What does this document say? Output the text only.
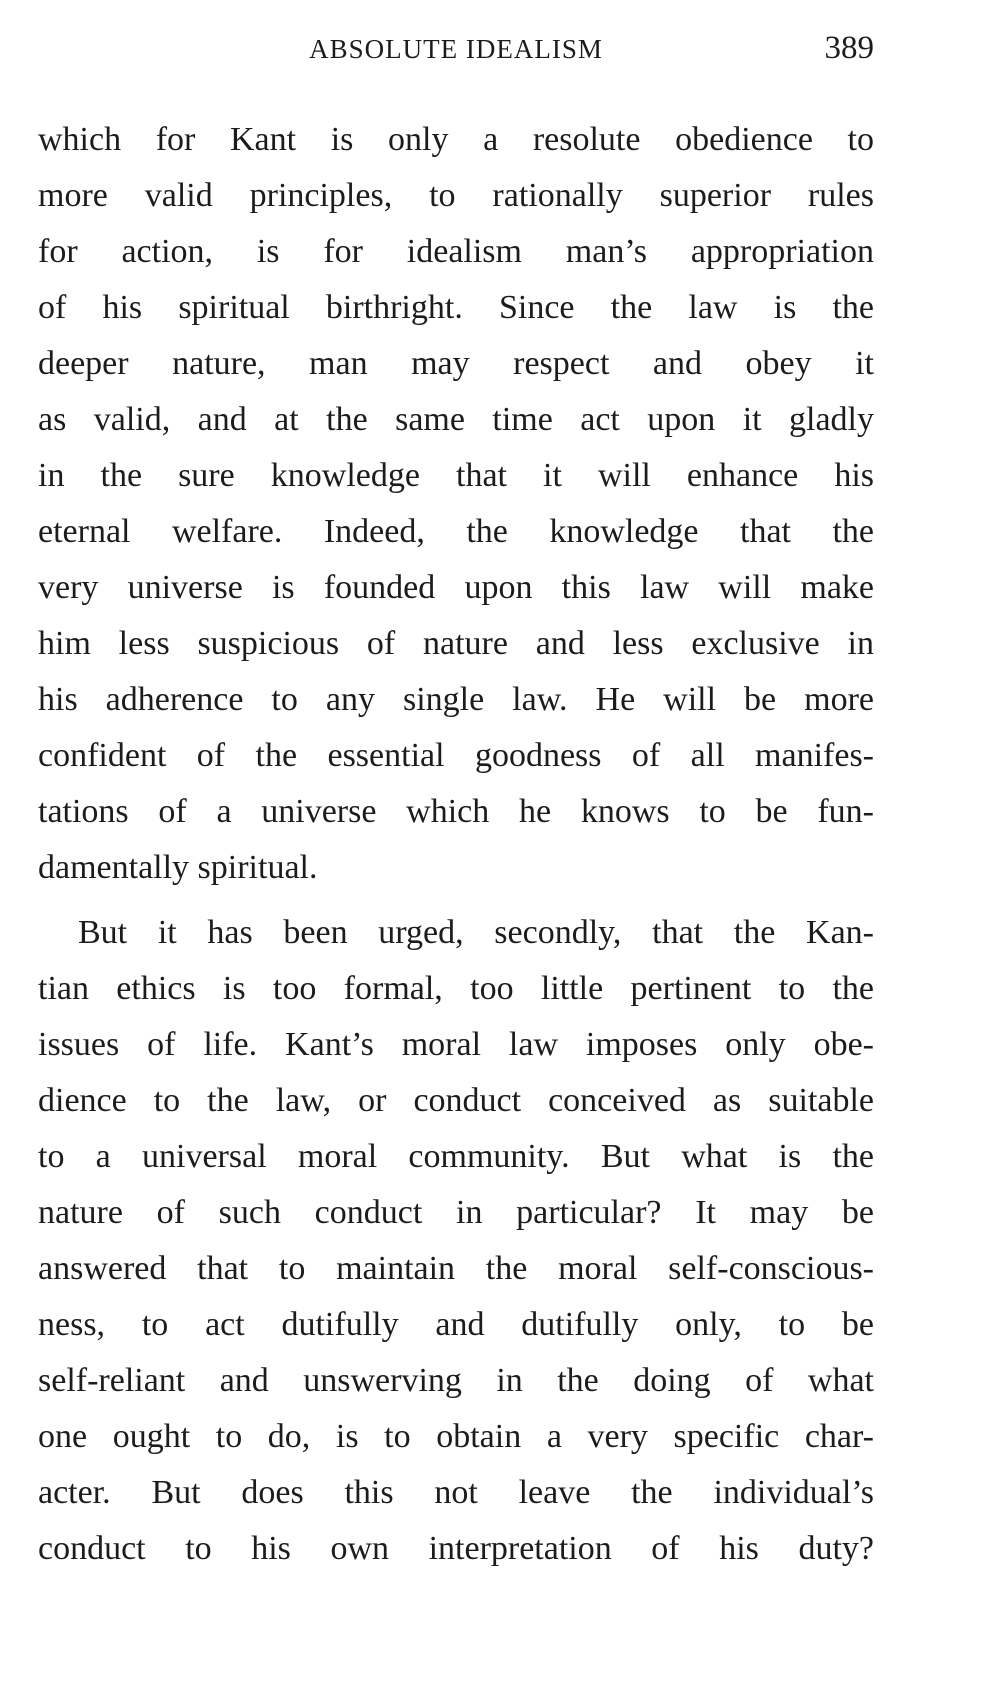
ABSOLUTE IDEALISM	389

which for Kant is only a resolute obedience to
more valid principles, to rationally superior rules
for action, is for idealism man’s appropriation
of his spiritual birthright. Since the law is the
deeper nature, man may respect and obey it
as valid, and at the same time act upon it gladly
in the sure knowledge that it will enhance his
eternal welfare. Indeed, the knowledge that the
very universe is founded upon this law will make
him less suspicious of nature and less exclusive in
his adherence to any single law. He will be more
confident of the essential goodness of all manifes-
tations of a universe which he knows to be fun-
damentally spiritual.

But it has been urged, secondly, that the Kan-
tian ethics is too formal, too little pertinent to the
issues of life. Kant’s moral law imposes only obe-
dience to the law, or conduct conceived as suitable
to a universal moral community. But what is the
nature of such conduct in particular? It may be
answered that to maintain the moral self-conscious-
ness, to act dutifully and dutifully only, to be
self-reliant and unswerving in the doing of what
one ought to do, is to obtain a very specific char-
acter. But does this not leave the individual’s
conduct to his own interpretation of his duty?
